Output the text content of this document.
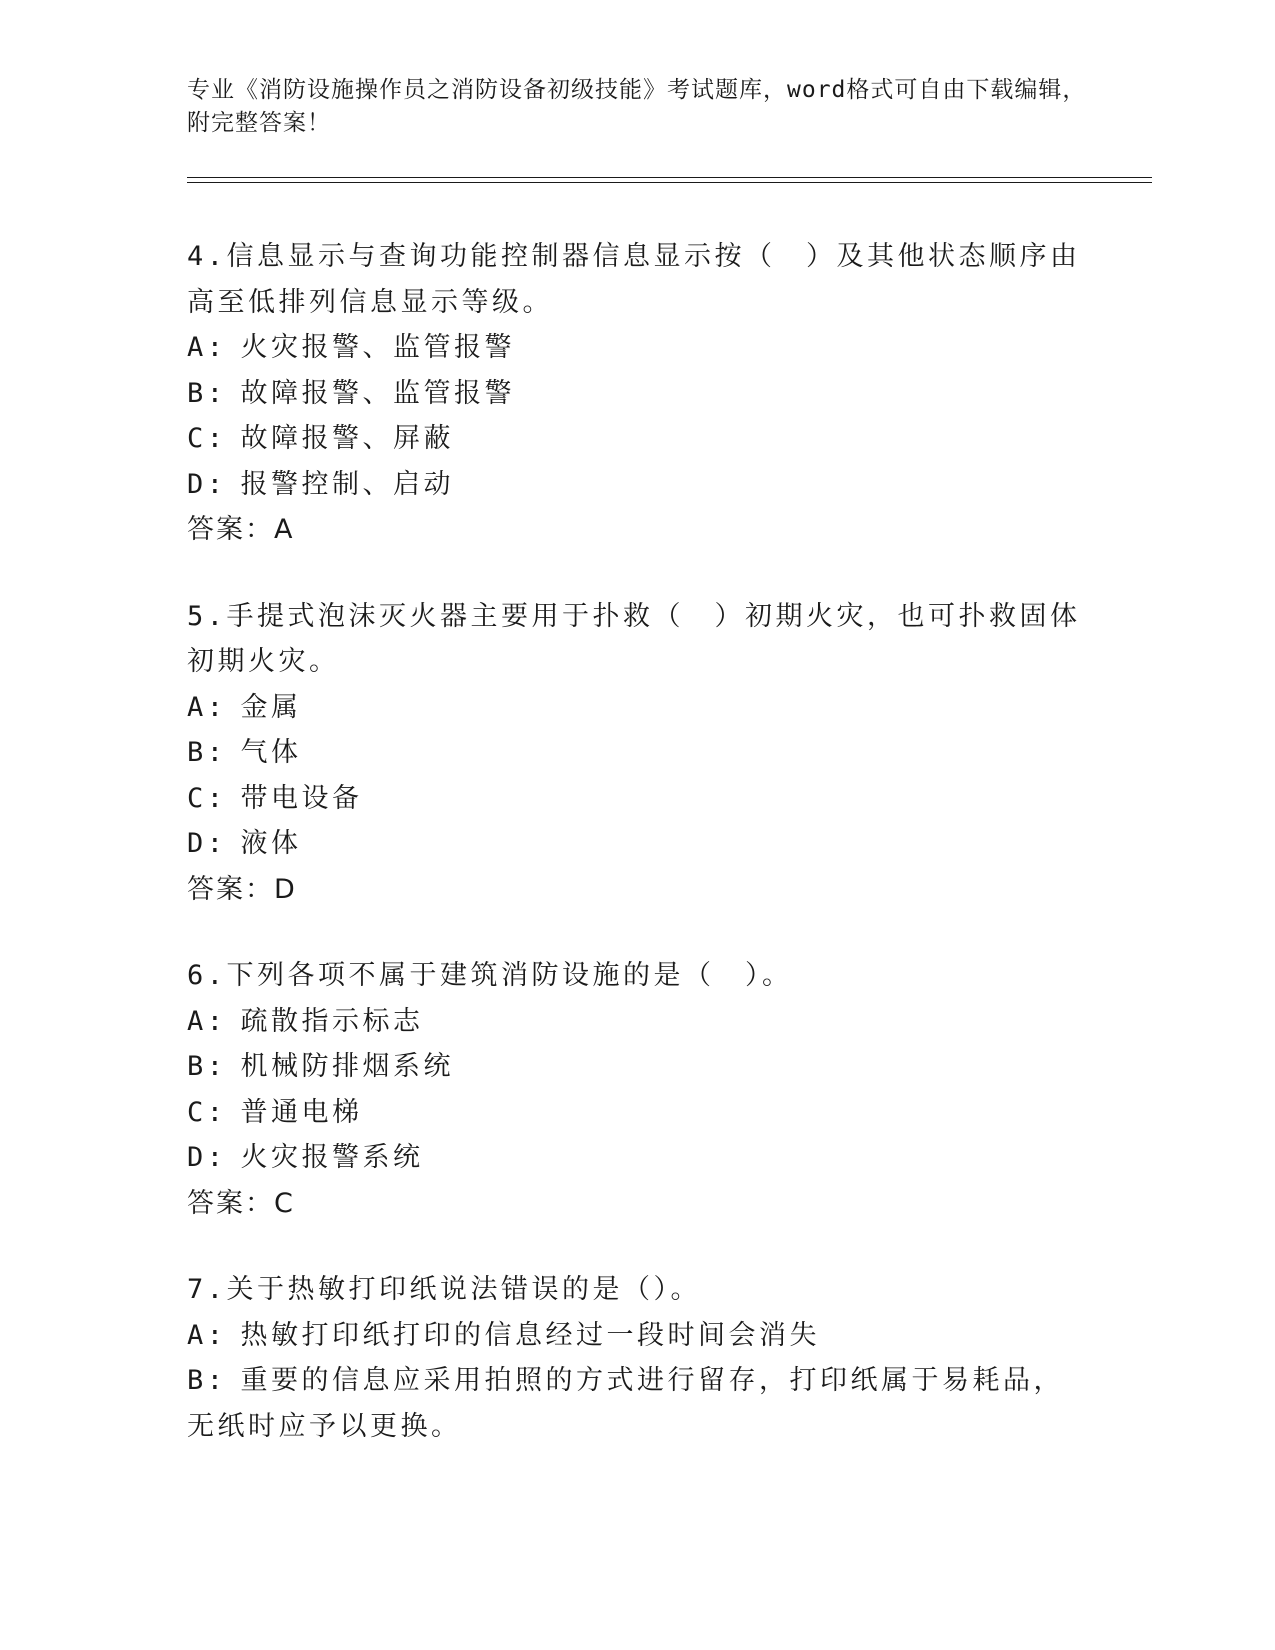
专业《消防设施操作员之消防设备初级技能》考试题库，word格式可自由下载编辑，附完整答案！

4.信息显示与查询功能控制器信息显示按（　）及其他状态顺序由高至低排列信息显示等级。

A: 火灾报警、监管报警

B: 故障报警、监管报警

C: 故障报警、屏蔽

D: 报警控制、启动

答案：A

5.手提式泡沫灭火器主要用于扑救（　）初期火灾，也可扑救固体初期火灾。

A: 金属

B: 气体

C: 带电设备

D: 液体

答案：D

6.下列各项不属于建筑消防设施的是（　）。

A: 疏散指示标志

B: 机械防排烟系统

C: 普通电梯

D: 火灾报警系统

答案：C

7.关于热敏打印纸说法错误的是（）。

A: 热敏打印纸打印的信息经过一段时间会消失

B: 重要的信息应采用拍照的方式进行留存，打印纸属于易耗品，无纸时应予以更换。
